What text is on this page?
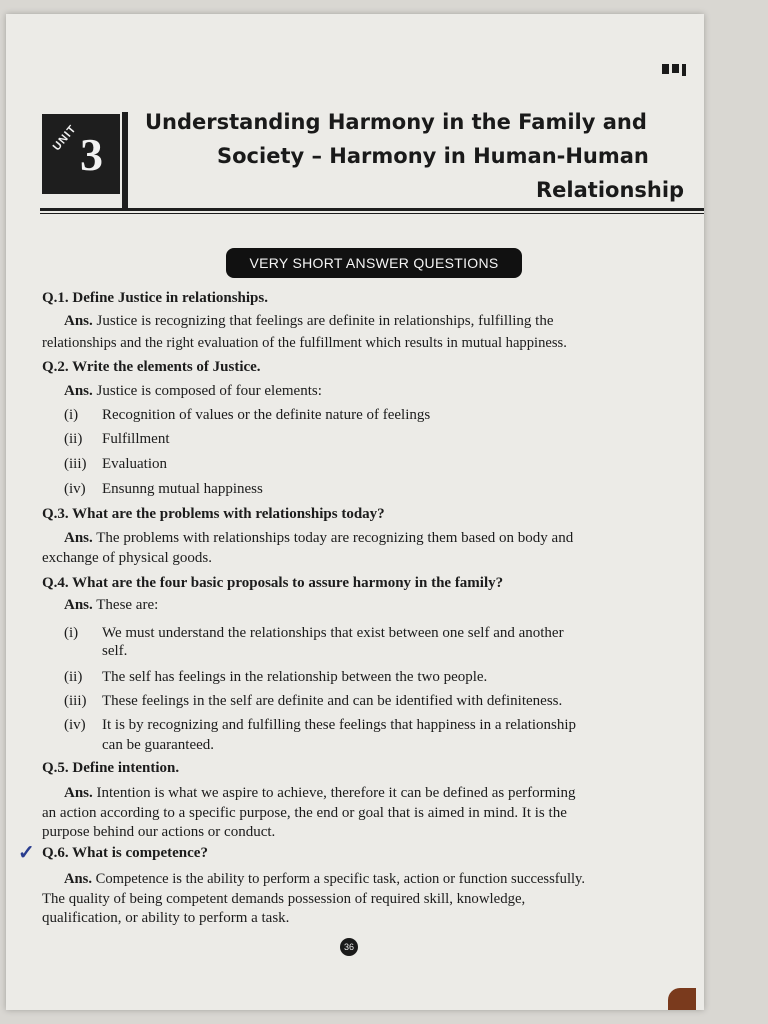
UNIT 3
Understanding Harmony in the Family and
Society – Harmony in Human-Human
Relationship
VERY SHORT ANSWER QUESTIONS
Q.1. Define Justice in relationships.
Ans. Justice is recognizing that feelings are definite in relationships, fulfilling the
relationships and the right evaluation of the fulfillment which results in mutual happiness.
Q.2. Write the elements of Justice.
Ans. Justice is composed of four elements:
(i) Recognition of values or the definite nature of feelings
(ii) Fulfillment
(iii) Evaluation
(iv) Ensunng mutual happiness
Q.3. What are the problems with relationships today?
Ans. The problems with relationships today are recognizing them based on body and
exchange of physical goods.
Q.4. What are the four basic proposals to assure harmony in the family?
Ans. These are:
(i) We must understand the relationships that exist between one self and another
self.
(ii) The self has feelings in the relationship between the two people.
(iii) These feelings in the self are definite and can be identified with definiteness.
(iv) It is by recognizing and fulfilling these feelings that happiness in a relationship
can be guaranteed.
Q.5. Define intention.
Ans. Intention is what we aspire to achieve, therefore it can be defined as performing
an action according to a specific purpose, the end or goal that is aimed in mind. It is the
purpose behind our actions or conduct.
✓ Q.6. What is competence?
Ans. Competence is the ability to perform a specific task, action or function successfully.
The quality of being competent demands possession of required skill, knowledge,
qualification, or ability to perform a task.
36
